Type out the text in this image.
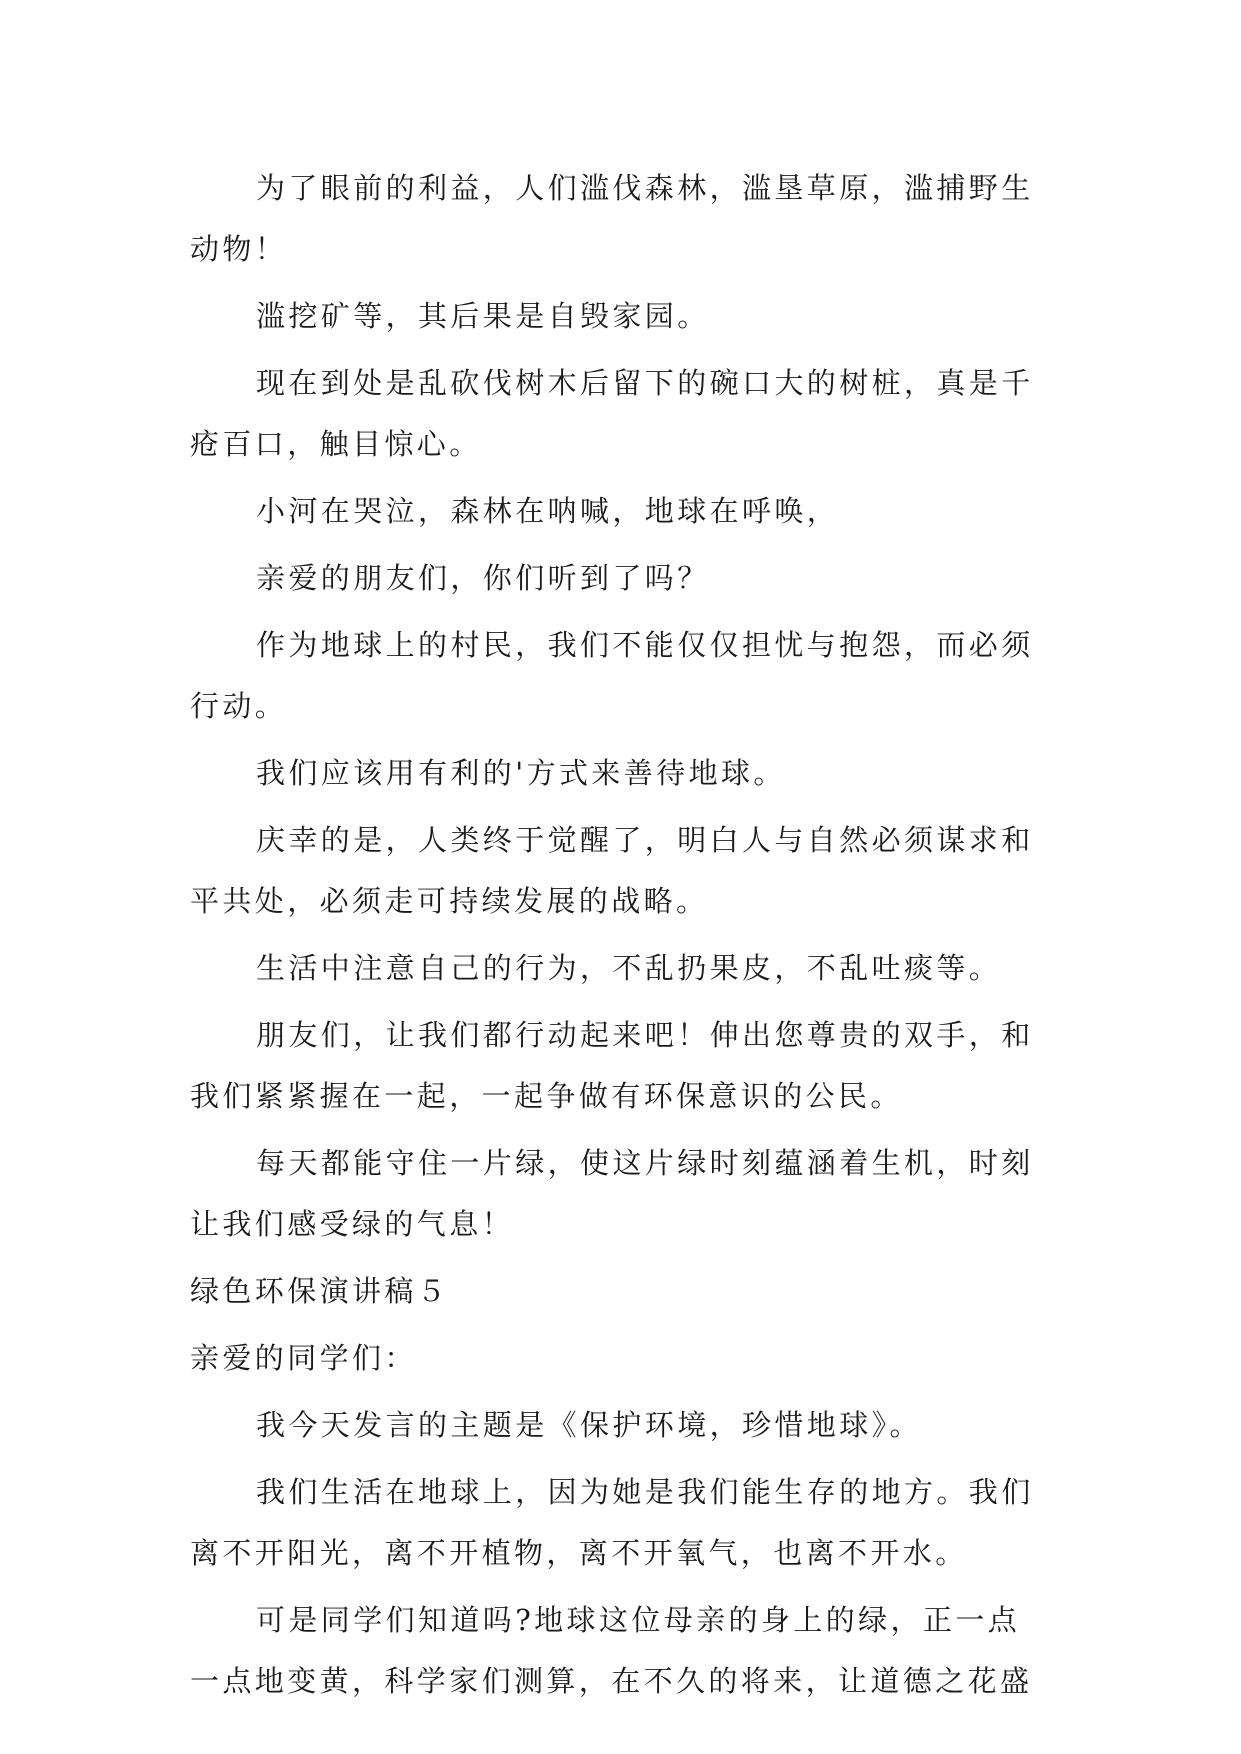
为了眼前的利益，人们滥伐森林，滥垦草原，滥捕野生动物！

滥挖矿等，其后果是自毁家园。

现在到处是乱砍伐树木后留下的碗口大的树桩，真是千疮百口，触目惊心。

小河在哭泣，森林在呐喊，地球在呼唤，

亲爱的朋友们，你们听到了吗？

作为地球上的村民，我们不能仅仅担忧与抱怨，而必须行动。

我们应该用有利的'方式来善待地球。

庆幸的是，人类终于觉醒了，明白人与自然必须谋求和平共处，必须走可持续发展的战略。

生活中注意自己的行为，不乱扔果皮，不乱吐痰等。

朋友们，让我们都行动起来吧！伸出您尊贵的双手，和我们紧紧握在一起，一起争做有环保意识的公民。

每天都能守住一片绿，使这片绿时刻蕴涵着生机，时刻让我们感受绿的气息！

绿色环保演讲稿５

亲爱的同学们：

我今天发言的主题是《保护环境，珍惜地球》。

我们生活在地球上，因为她是我们能生存的地方。我们离不开阳光，离不开植物，离不开氧气，也离不开水。

可是同学们知道吗?地球这位母亲的身上的绿，正一点一点地变黄，科学家们测算，在不久的将来，让道德之花盛
